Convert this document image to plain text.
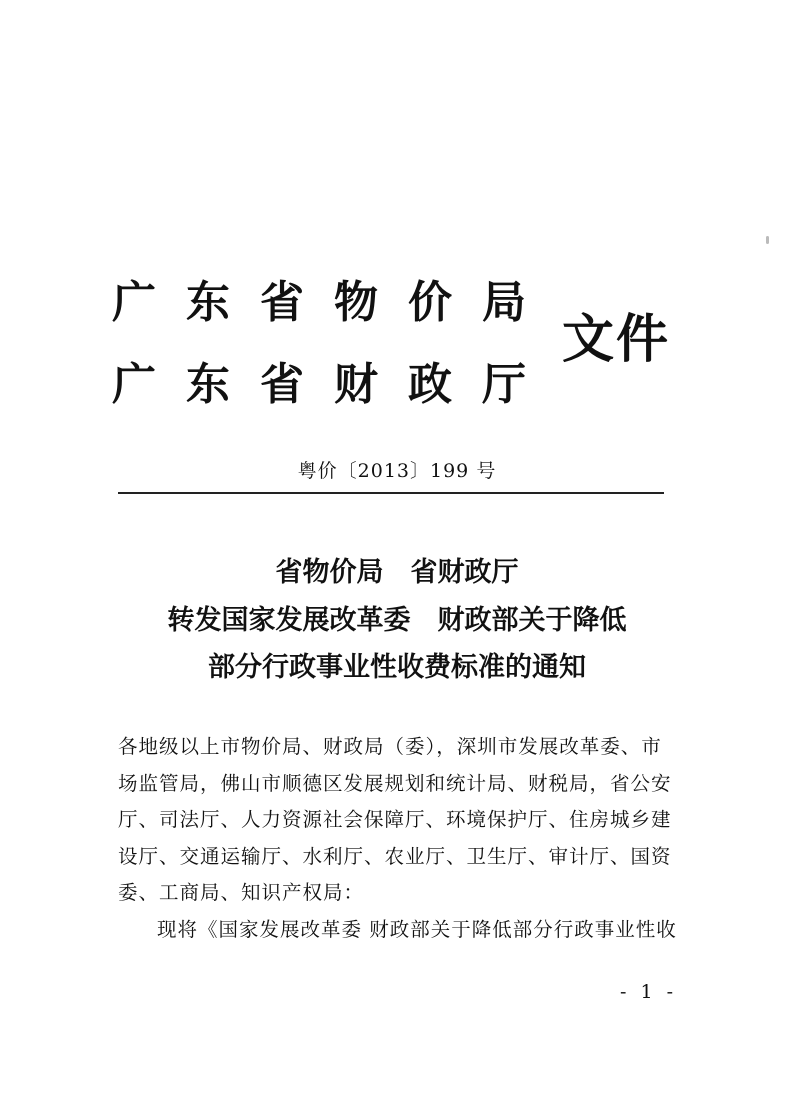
广东省物价局
广东省财政厅
文件
粤价〔2013〕199 号
省物价局　省财政厅
转发国家发展改革委　财政部关于降低
部分行政事业性收费标准的通知

各地级以上市物价局、财政局（委），深圳市发展改革委、市场监管局，佛山市顺德区发展规划和统计局、财税局，省公安厅、司法厅、人力资源社会保障厅、环境保护厅、住房城乡建设厅、交通运输厅、水利厅、农业厅、卫生厅、审计厅、国资委、工商局、知识产权局：

现将《国家发展改革委 财政部关于降低部分行政事业性收

- 1 -
